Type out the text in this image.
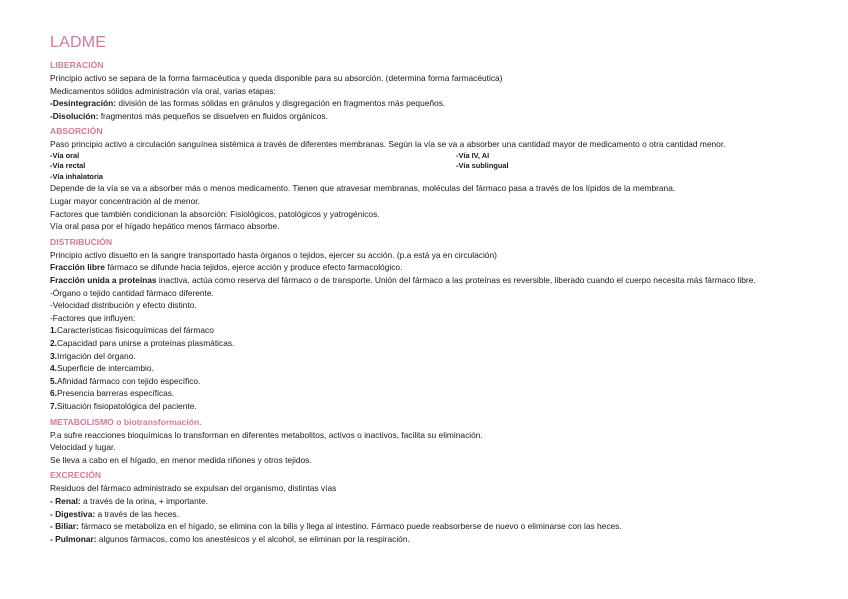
LADME
LIBERACIÓN

Principio activo se separa de la forma farmacéutica y queda disponible para su absorción. (determina forma farmacéutica)

Medicamentos sólidos administración vía oral, varias etapas:

-Desintegración: división de las formas sólidas en gránulos y disgregación en fragmentos más pequeños.

-Disolución: fragmentos más pequeños se disuelven en fluidos orgánicos.

ABSORCIÓN

Paso principio activo a circulación sanguínea sistémica a través de diferentes membranas. Según la vía se va a absorber una cantidad mayor de medicamento o otra cantidad menor.

-Vía oral

-Vía rectal

-Vía inhalatoria

-Vía IV, AI

-Vía sublingual

Depende de la vía se va a absorber más o menos medicamento. Tienen que atravesar membranas, moléculas del fármaco pasa a través de los lípidos de la membrana.

Lugar mayor concentración al de menor.

Factores que también condicionan la absorción: Fisiológicos, patológicos y yatrogénicos.

Vía oral pasa por el hígado hepático menos fármaco absorbe.

DISTRIBUCIÓN

Principio activo disuelto en la sangre transportado hasta órganos o tejidos, ejercer su acción. (p.a está ya en circulación)

Fracción libre fármaco se difunde hacia tejidos, ejerce acción y produce efecto farmacológico.

Fracción unida a proteínas inactiva, actúa como reserva del fármaco o de transporte. Unión del fármaco a las proteínas es reversible, liberado cuando el cuerpo necesita más fármaco libre.

-Órgano o tejido cantidad fármaco diferente.

-Velocidad distribución y efecto distinto.

-Factores que influyen:

1.Características fisicoquímicas del fármaco

2.Capacidad para unirse a proteínas plasmáticas.

3.Irrigación del órgano.

4.Superficie de intercambio.

5.Afinidad fármaco con tejido específico.

6.Presencia barreras específicas.

7.Situación fisiopatológica del paciente.

METABOLISMO o biotransformación.

P.a sufre reacciones bioquímicas lo transforman en diferentes metabolitos, activos o inactivos, facilita su eliminación.

Velocidad y lugar.

Se lleva a cabo en el hígado, en menor medida riñones y otros tejidos.

EXCRECIÓN

Residuos del fármaco administrado se expulsan del organismo, distintas vías

- Renal: a través de la orina, + importante.

- Digestiva: a través de las heces.

- Biliar: fármaco se metaboliza en el hígado, se elimina con la bilis y llega al intestino. Fármaco puede reabsorberse de nuevo o eliminarse con las heces.

- Pulmonar: algunos fármacos, como los anestésicos y el alcohol, se eliminan por la respiración.
